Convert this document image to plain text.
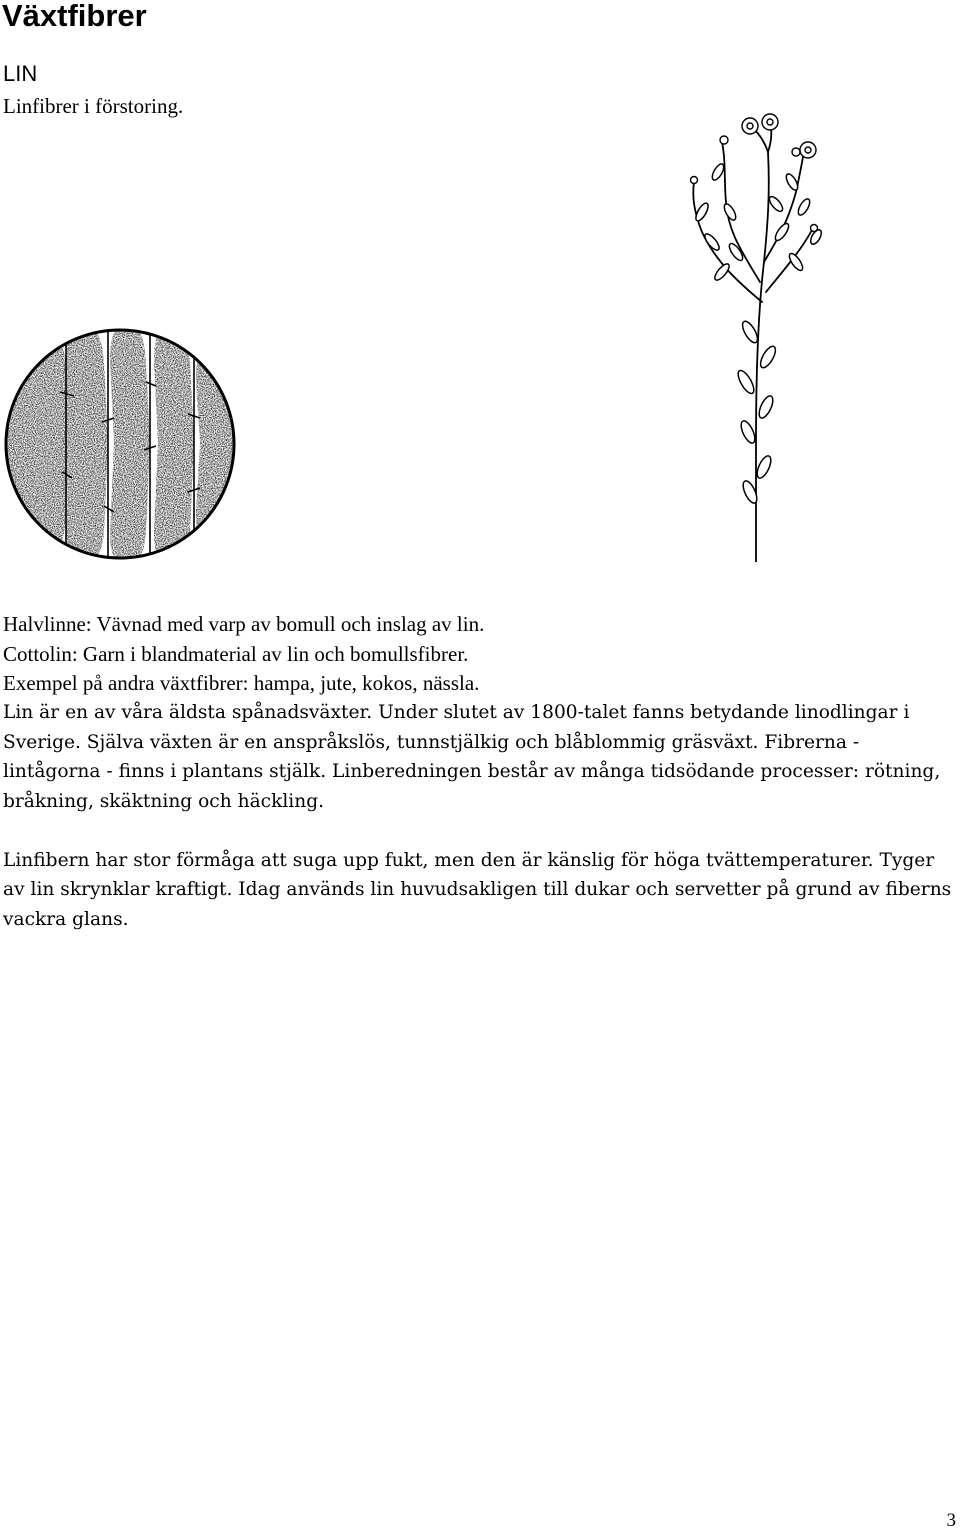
Växtfibrer
LIN

Linfibrer i förstoring.

Halvlinne: Vävnad med varp av bomull och inslag av lin.

Cottolin: Garn i blandmaterial av lin och bomullsfibrer.

Exempel på andra växtfibrer: hampa, jute, kokos, nässla.

Lin är en av våra äldsta spånadsväxter. Under slutet av 1800-talet fanns betydande linodlingar i Sverige. Själva växten är en anspråkslös, tunnstjälkig och blåblommig gräsväxt. Fibrerna - lintågorna - finns i plantans stjälk. Linberedningen består av många tidsödande processer: rötning, bråkning, skäktning och häckling.

Linfibern har stor förmåga att suga upp fukt, men den är känslig för höga tvättemperaturer. Tyger av lin skrynklar kraftigt. Idag används lin huvudsakligen till dukar och servetter på grund av fiberns vackra glans.

3
